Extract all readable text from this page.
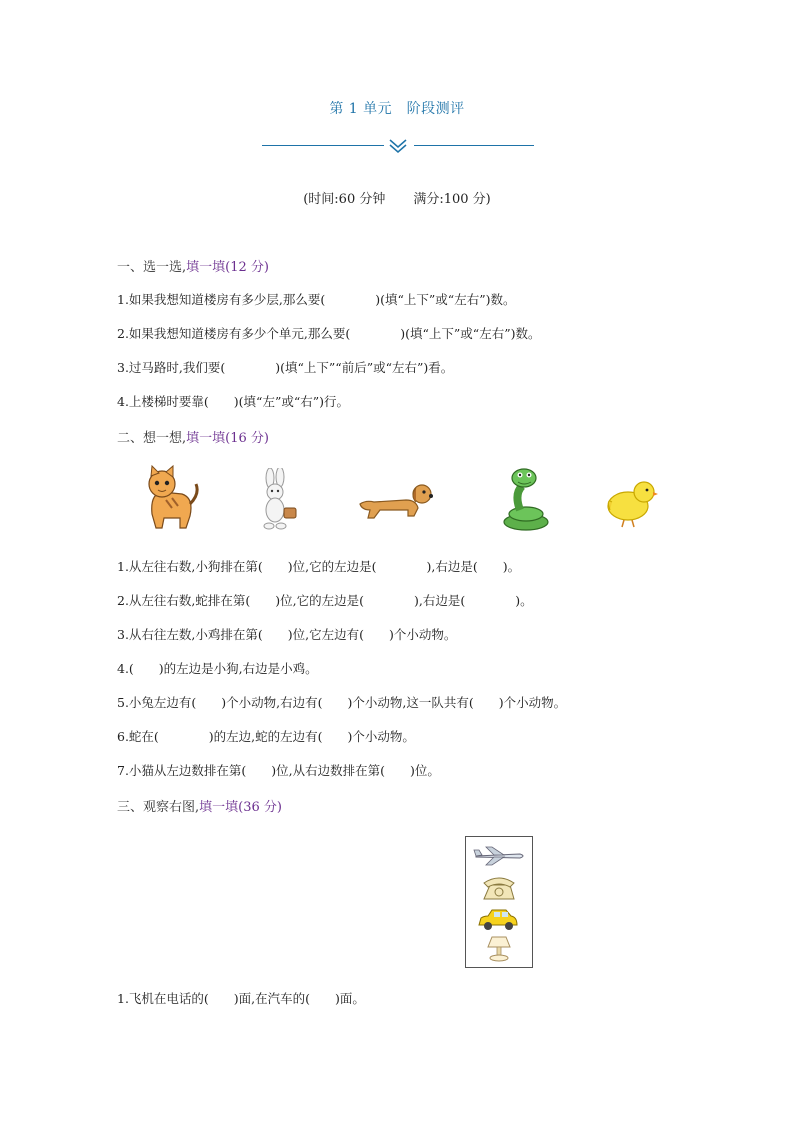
第 1 单元　阶段测评
(时间:60 分钟 满分:100 分)
一、选一选,填一填(12 分)
1.如果我想知道楼房有多少层,那么要(　　　　)(填“上下”或“左右”)数。
2.如果我想知道楼房有多少个单元,那么要(　　　　)(填“上下”或“左右”)数。
3.过马路时,我们要(　　　　)(填“上下”“前后”或“左右”)看。
4.上楼梯时要靠(　　)(填“左”或“右”)行。
二、想一想,填一填(16 分)
1.从左往右数,小狗排在第(　　)位,它的左边是(　　　　),右边是(　　)。
2.从左往右数,蛇排在第(　　)位,它的左边是(　　　　),右边是(　　　　)。
3.从右往左数,小鸡排在第(　　)位,它左边有(　　)个小动物。
4.(　　)的左边是小狗,右边是小鸡。
5.小兔左边有(　　)个小动物,右边有(　　)个小动物,这一队共有(　　)个小动物。
6.蛇在(　　　　)的左边,蛇的左边有(　　)个小动物。
7.小猫从左边数排在第(　　)位,从右边数排在第(　　)位。
三、观察右图,填一填(36 分)
1.飞机在电话的(　　)面,在汽车的(　　)面。
